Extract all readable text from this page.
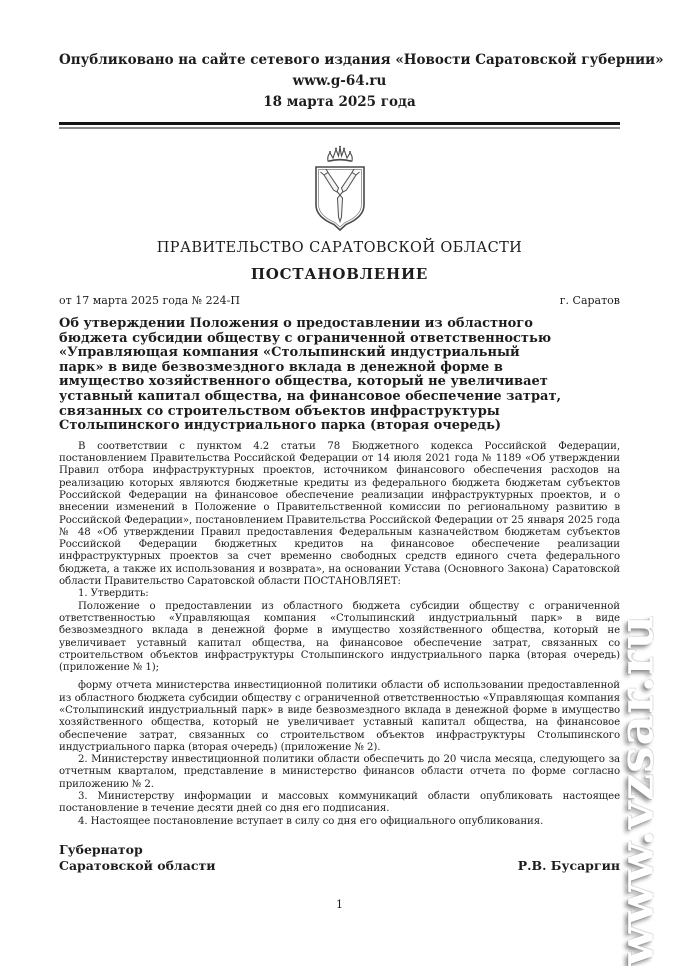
Опубликовано на сайте сетевого издания «Новости Саратовской губернии»
www.g-64.ru
18 марта 2025 года
ПРАВИТЕЛЬСТВО САРАТОВСКОЙ ОБЛАСТИ
ПОСТАНОВЛЕНИЕ
от 17 марта 2025 года № 224-П	г. Саратов
Об утверждении Положения о предоставлении из областного бюджета субсидии обществу с ограниченной ответственностью «Управляющая компания «Столыпинский индустриальный парк» в виде безвозмездного вклада в денежной форме в имущество хозяйственного общества, который не увеличивает уставный капитал общества, на финансовое обеспечение затрат, связанных со строительством объектов инфраструктуры Столыпинского индустриального парка (вторая очередь)

В соответствии с пунктом 4.2 статьи 78 Бюджетного кодекса Российской Федерации, постановлением Правительства Российской Федерации от 14 июля 2021 года № 1189 «Об утверждении Правил отбора инфраструктурных проектов, источником финансового обеспечения расходов на реализацию которых являются бюджетные кредиты из федерального бюджета бюджетам субъектов Российской Федерации на финансовое обеспечение реализации инфраструктурных проектов, и о внесении изменений в Положение о Правительственной комиссии по региональному развитию в Российской Федерации», постановлением Правительства Российской Федерации от 25 января 2025 года № 48 «Об утверждении Правил предоставления Федеральным казначейством бюджетам субъектов Российской Федерации бюджетных кредитов на финансовое обеспечение реализации инфраструктурных проектов за счет временно свободных средств единого счета федерального бюджета, а также их использования и возврата», на основании Устава (Основного Закона) Саратовской области Правительство Саратовской области ПОСТАНОВЛЯЕТ:

1. Утвердить:

Положение о предоставлении из областного бюджета субсидии обществу с ограниченной ответственностью «Управляющая компания «Столыпинский индустриальный парк» в виде безвозмездного вклада в денежной форме в имущество хозяйственного общества, который не увеличивает уставный капитал общества, на финансовое обеспечение затрат, связанных со строительством объектов инфраструктуры Столыпинского индустриального парка (вторая очередь) (приложение № 1);

форму отчета министерства инвестиционной политики области об использовании предоставленной из областного бюджета субсидии обществу с ограниченной ответственностью «Управляющая компания «Столыпинский индустриальный парк» в виде безвозмездного вклада в денежной форме в имущество хозяйственного общества, который не увеличивает уставный капитал общества, на финансовое обеспечение затрат, связанных со строительством объектов инфраструктуры Столыпинского индустриального парка (вторая очередь) (приложение № 2).

2. Министерству инвестиционной политики области обеспечить до 20 числа месяца, следующего за отчетным кварталом, представление в министерство финансов области отчета по форме согласно приложению № 2.

3. Министерству информации и массовых коммуникаций области опубликовать настоящее постановление в течение десяти дней со дня его подписания.

4. Настоящее постановление вступает в силу со дня его официального опубликования.

Губернатор
Саратовской области	Р.В. Бусаргин
1	www.vzsar.ru
